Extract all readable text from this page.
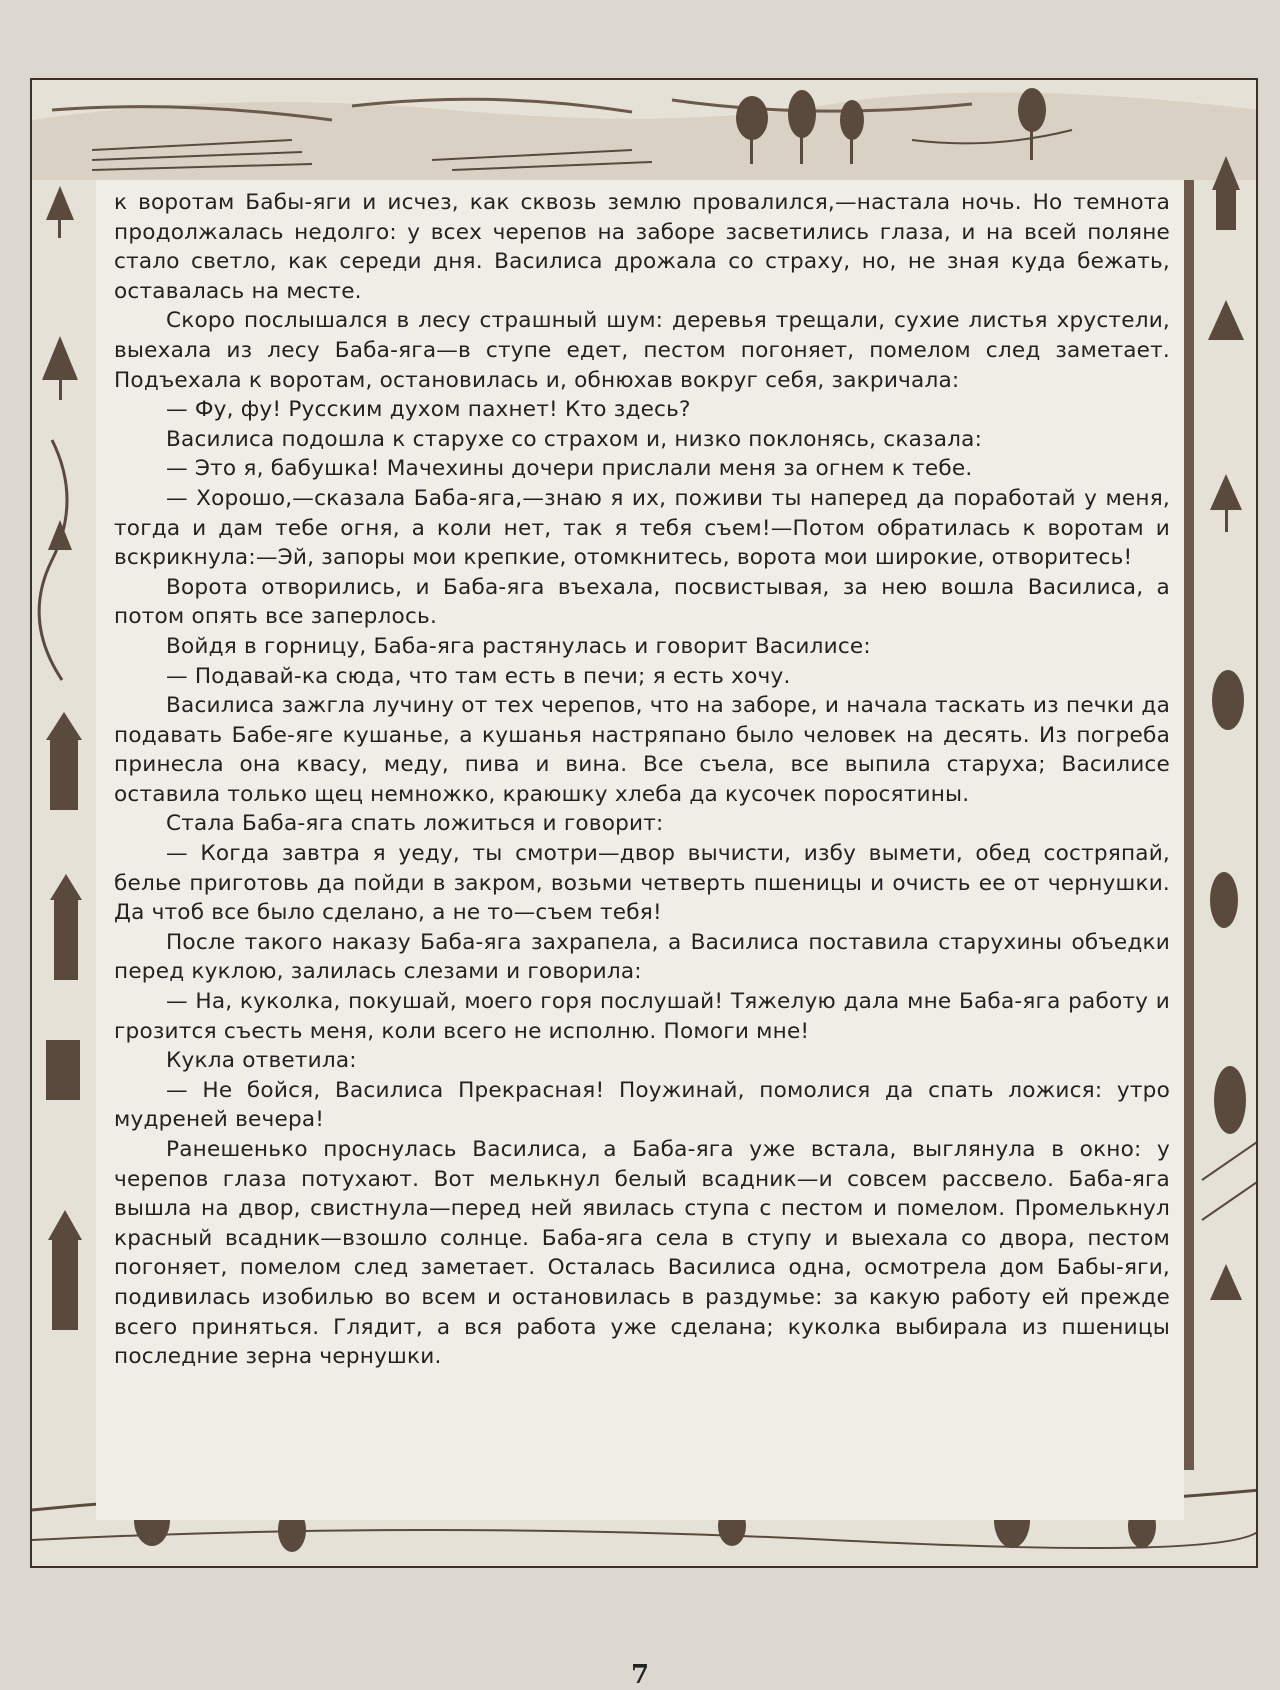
к воротам Бабы-яги и исчез, как сквозь землю провалился,—настала ночь. Но темнота продолжалась недолго: у всех черепов на заборе засветились глаза, и на всей поляне стало светло, как середи дня. Василиса дрожала со страху, но, не зная куда бежать, оставалась на месте.

Скоро послышался в лесу страшный шум: деревья трещали, сухие листья хрустели, выехала из лесу Баба-яга—в ступе едет, пестом погоняет, помелом след заметает. Подъехала к воротам, остановилась и, обнюхав вокруг себя, закричала:

— Фу, фу! Русским духом пахнет! Кто здесь?

Василиса подошла к старухе со страхом и, низко поклонясь, сказала:

— Это я, бабушка! Мачехины дочери прислали меня за огнем к тебе.

— Хорошо,—сказала Баба-яга,—знаю я их, поживи ты наперед да поработай у меня, тогда и дам тебе огня, а коли нет, так я тебя съем!—Потом обратилась к воротам и вскрикнула:—Эй, запоры мои крепкие, отомкнитесь, ворота мои широкие, отворитесь!

Ворота отворились, и Баба-яга въехала, посвистывая, за нею вошла Василиса, а потом опять все заперлось.

Войдя в горницу, Баба-яга растянулась и говорит Василисе:

— Подавай-ка сюда, что там есть в печи; я есть хочу.

Василиса зажгла лучину от тех черепов, что на заборе, и начала таскать из печки да подавать Бабе-яге кушанье, а кушанья настряпано было человек на десять. Из погреба принесла она квасу, меду, пива и вина. Все съела, все выпила старуха; Василисе оставила только щец немножко, краюшку хлеба да кусочек поросятины.

Стала Баба-яга спать ложиться и говорит:

— Когда завтра я уеду, ты смотри—двор вычисти, избу вымети, обед состряпай, белье приготовь да пойди в закром, возьми четверть пшеницы и очисть ее от чернушки. Да чтоб все было сделано, а не то—съем тебя!

После такого наказу Баба-яга захрапела, а Василиса поставила старухины объедки перед куклою, залилась слезами и говорила:

— На, куколка, покушай, моего горя послушай! Тяжелую дала мне Баба-яга работу и грозится съесть меня, коли всего не исполню. Помоги мне!

Кукла ответила:

— Не бойся, Василиса Прекрасная! Поужинай, помолися да спать ложися: утро мудреней вечера!

Ранешенько проснулась Василиса, а Баба-яга уже встала, выглянула в окно: у черепов глаза потухают. Вот мелькнул белый всадник—и совсем рассвело. Баба-яга вышла на двор, свистнула—перед ней явилась ступа с пестом и помелом. Промелькнул красный всадник—взошло солнце. Баба-яга села в ступу и выехала со двора, пестом погоняет, помелом след заметает. Осталась Василиса одна, осмотрела дом Бабы-яги, подивилась изобилью во всем и остановилась в раздумье: за какую работу ей прежде всего приняться. Глядит, а вся работа уже сделана; куколка выбирала из пшеницы последние зерна чернушки.

7
